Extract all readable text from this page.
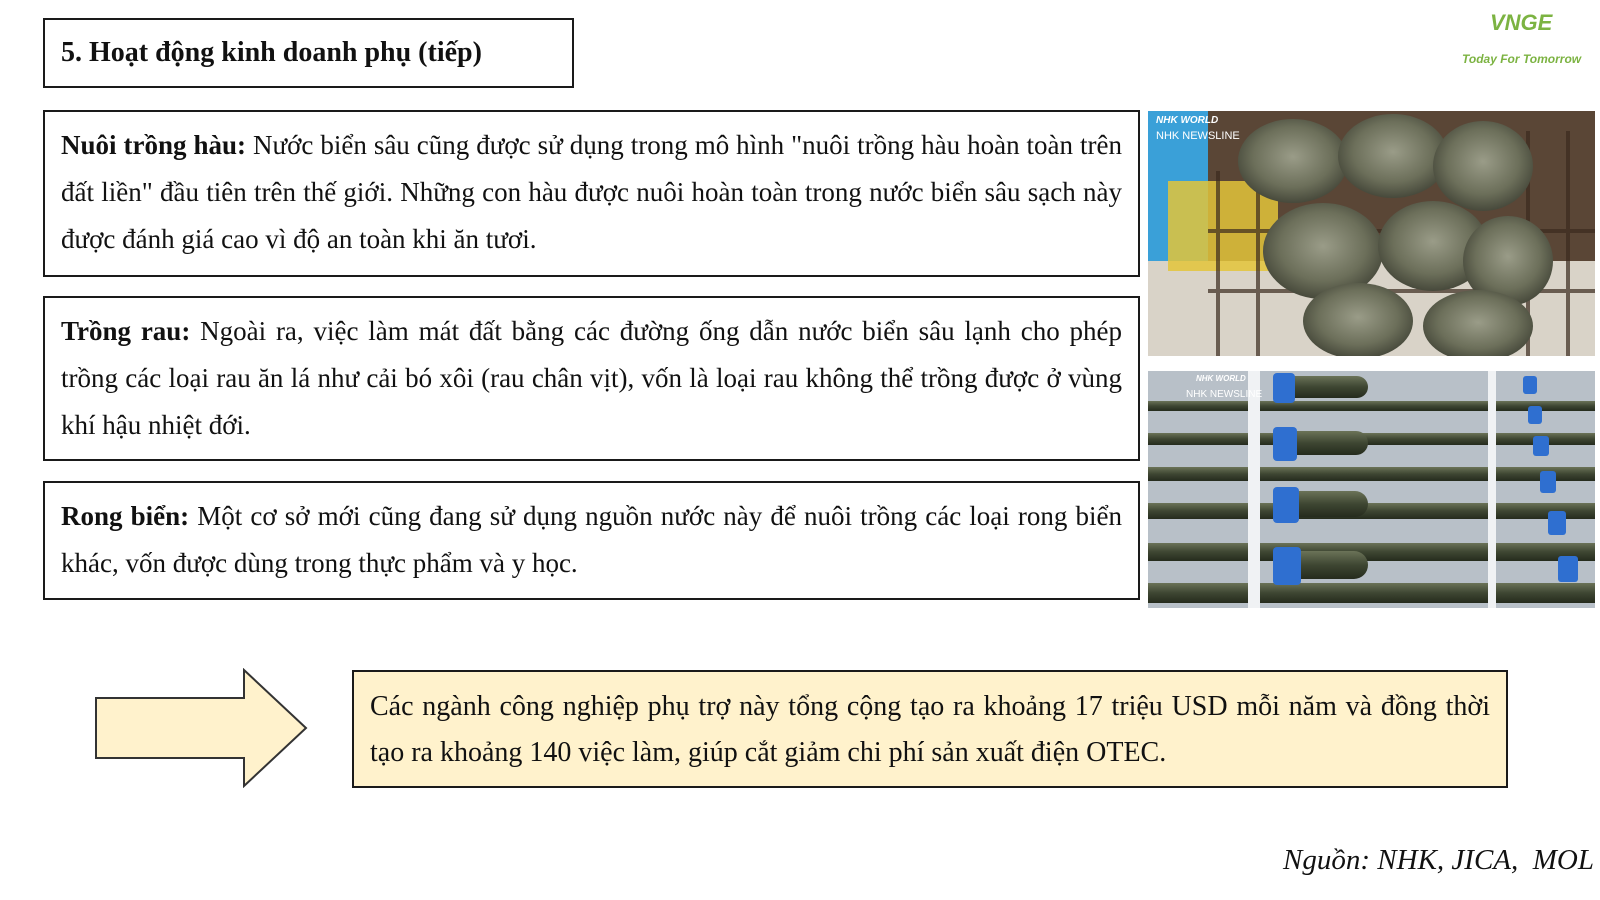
5. Hoạt động kinh doanh phụ (tiếp)
VNGE
Today For Tomorrow
Nuôi trồng hàu: Nước biển sâu cũng được sử dụng trong mô hình "nuôi trồng hàu hoàn toàn trên đất liền" đầu tiên trên thế giới. Những con hàu được nuôi hoàn toàn trong nước biển sâu sạch này được đánh giá cao vì độ an toàn khi ăn tươi.
Trồng rau: Ngoài ra, việc làm mát đất bằng các đường ống dẫn nước biển sâu lạnh cho phép trồng các loại rau ăn lá như cải bó xôi (rau chân vịt), vốn là loại rau không thể trồng được ở vùng khí hậu nhiệt đới.
Rong biển: Một cơ sở mới cũng đang sử dụng nguồn nước này để nuôi trồng các loại rong biển khác, vốn được dùng trong thực phẩm và y học.
NHK WORLD
NHK NEWSLINE
NHK WORLD
NHK NEWSLINE
Các ngành công nghiệp phụ trợ này tổng cộng tạo ra khoảng 17 triệu USD mỗi năm và đồng thời tạo ra khoảng 140 việc làm, giúp cắt giảm chi phí sản xuất điện OTEC.
Nguồn: NHK, JICA,  MOL
